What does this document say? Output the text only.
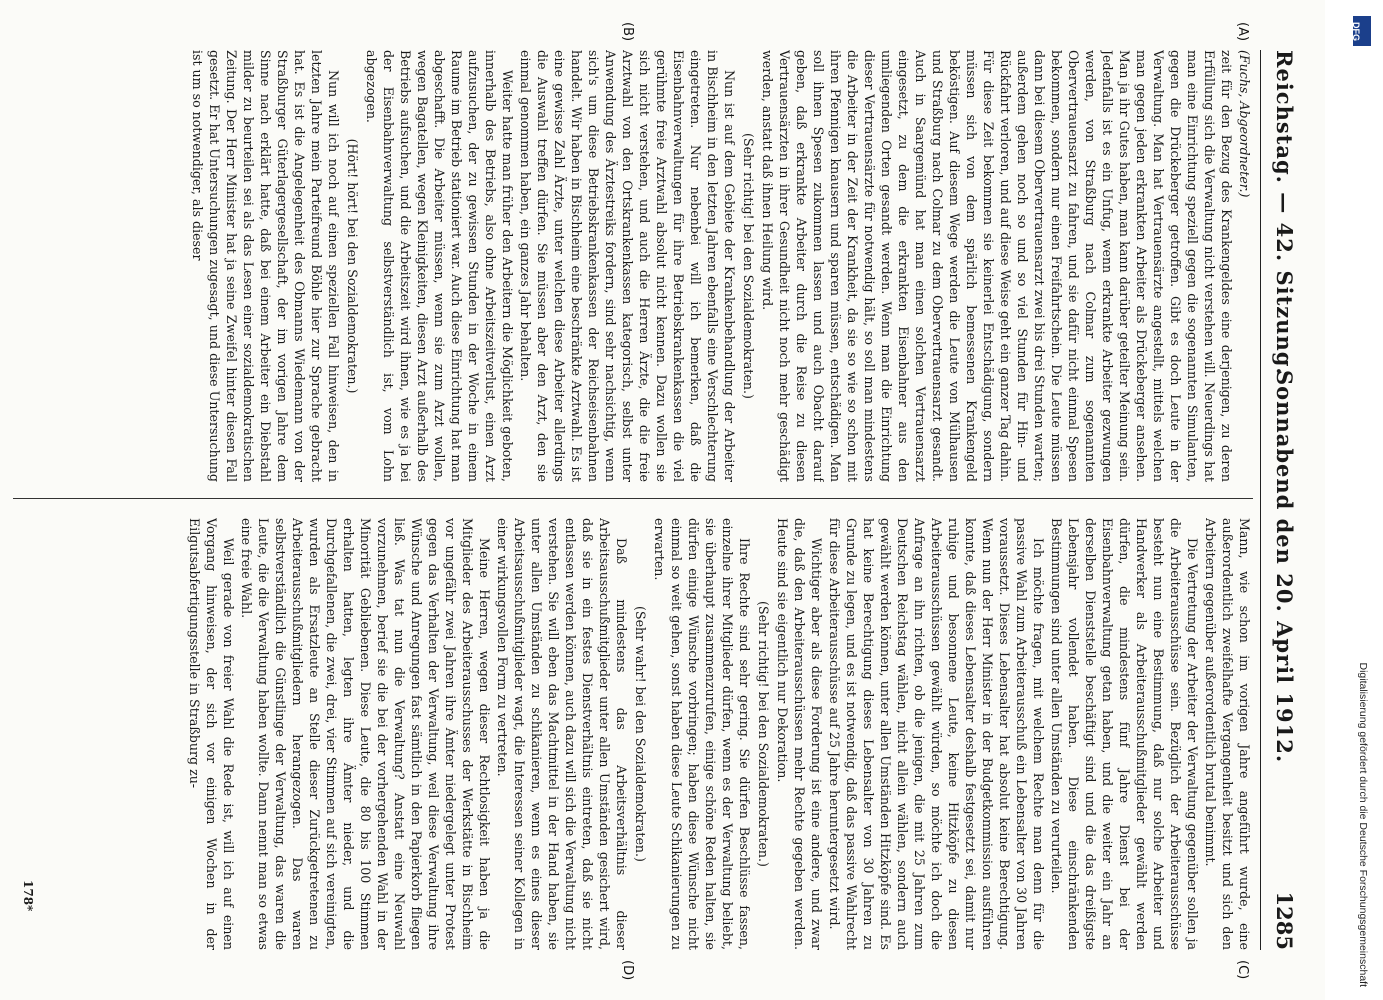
Reichstag. — 42. Sitzung.
Sonnabend den 20. April 1912.
1285
(A)
(B)
(C)
(D)

(Fuchs, Abgeordneter.)

zeit für den Bezug des Krankengeldes eine derjenigen, zu deren Erfüllung sich die Verwaltung nicht verstehen will. Neuerdings hat man eine Einrichtung speziell gegen die sogenannten Simulanten, gegen die Drückeberger getroffen. Gibt es doch Leute in der Verwaltung. Man hat Vertrauensärzte angestellt, mittels welchen man gegen jeden erkrankten Arbeiter als Drückeberger ansehen. Man ja ihr Gutes haben, man kann darüber geteilter Meinung sein. Jedenfalls ist es ein Unfug, wenn erkrankte Arbeiter gezwungen werden, von Straßburg nach Colmar zum sogenannten Obervertrauensarzt zu fahren, und sie dafür nicht einmal Spesen bekommen, sondern nur einen Freifahrtschein. Die Leute müssen dann bei diesem Obervertrauensarzt zwei bis drei Stunden warten; außerdem gehen noch so und so viel Stunden für Hin- und Rückfahrt verloren, und auf diese Weise geht ein ganzer Tag dahin. Für diese Zeit bekommen sie keinerlei Entschädigung, sondern müssen sich von dem spärlich bemessenen Krankengeld beköstigen. Auf diesem Wege werden die Leute von Mülhausen und Straßburg nach Colmar zu dem Obervertrauensarzt gesandt. Auch in Saargemünd hat man einen solchen Vertrauensarzt eingesetzt, zu dem die erkrankten Eisenbahner aus den umliegenden Orten gesandt werden. Wenn man die Einrichtung dieser Vertrauensärzte für notwendig hält, so soll man mindestens die Arbeiter in der Zeit der Krankheit, da sie so wie so schon mit ihren Pfennigen knausern und sparen müssen, entschädigen. Man soll ihnen Spesen zukommen lassen und auch Obacht darauf geben, daß erkrankte Arbeiter durch die Reise zu diesen Vertrauensärzten in ihrer Gesundheit nicht noch mehr geschädigt werden, anstatt daß ihnen Heilung wird.

(Sehr richtig! bei den Sozialdemokraten.)

Nun ist auf dem Gebiete der Krankenbehandlung der Arbeiter in Bischheim in den letzten Jahren ebenfalls eine Verschlechterung eingetreten. Nur nebenbei will ich bemerken, daß die Eisenbahnverwaltungen für ihre Betriebskrankenkassen die viel gerühmte freie Arztwahl absolut nicht kennen. Dazu wollen sie sich nicht verstehen, und auch die Herren Ärzte, die die freie Arztwahl von den Ortskrankenkassen kategorisch, selbst unter Anwendung des Ärztestreiks fordern, sind sehr nachsichtig, wenn sich's um diese Betriebskrankenkassen der Reichseisenbahnen handelt. Wir haben in Bischheim eine beschränkte Arztwahl. Es ist eine gewisse Zahl Ärzte, unter welchen diese Arbeiter allerdings die Auswahl treffen dürfen. Sie müssen aber den Arzt, den sie einmal genommen haben, ein ganzes Jahr behalten.

Weiter hatte man früher den Arbeitern die Möglichkeit geboten, innerhalb des Betriebs, also ohne Arbeitszeitverlust, einen Arzt aufzusuchen, der zu gewissen Stunden in der Woche in einem Raume im Betrieb stationiert war. Auch diese Einrichtung hat man abgeschafft. Die Arbeiter müssen, wenn sie zum Arzt wollen, wegen Bagatellen, wegen Kleinigkeiten, diesen Arzt außerhalb des Betriebs aufsuchen, und die Arbeitszeit wird ihnen, wie es ja bei der Eisenbahnverwaltung selbstverständlich ist, vom Lohn abgezogen.

(Hört! hört! bei den Sozialdemokraten.)

Nun will ich noch auf einen speziellen Fall hinweisen, den in letzten Jahre mein Parteifreund Böhle hier zur Sprache gebracht hat. Es ist die Angelegenheit des Obmanns Wiedemann von der Straßburger Güterlagergesellschaft, der im vorigen Jahre dem Sinne nach erklärt hatte, daß bei einem Arbeiter ein Diebstahl milder zu beurteilen sei als das Lesen einer sozialdemokratischen Zeitung. Der Herr Minister hat ja seine Zweifel hinter diesen Fall gesetzt. Er hat Untersuchungen zugesagt, und diese Untersuchung ist um so notwendiger, als dieser

Mann, wie schon im vorigen Jahre angeführt wurde, eine außerordentlich zweifelhafte Vergangenheit besitzt und sich den Arbeitern gegenüber außerordentlich brutal benimmt.

Die Vertretung der Arbeiter der Verwaltung gegenüber sollen ja die Arbeiterausschüsse sein. Bezüglich der Arbeiterausschüsse besteht nun eine Bestimmung, daß nur solche Arbeiter und Handwerker als Arbeiterausschußmitglieder gewählt werden dürfen, die mindestens fünf Jahre Dienst bei der Eisenbahnverwaltung getan haben, und die weiter ein Jahr an derselben Dienststelle beschäftigt sind und die das dreißigste Lebensjahr vollendet haben. Diese einschränkenden Bestimmungen sind unter allen Umständen zu verurteilen.

Ich möchte fragen, mit welchem Rechte man denn für die passive Wahl zum Arbeiterausschuß ein Lebensalter von 30 Jahren voraussetzt. Dieses Lebensalter hat absolut keine Berechtigung. Wenn nun der Herr Minister in der Budgetkommission ausführen konnte, daß dieses Lebensalter deshalb festgesetzt sei, damit nur ruhige und besonnene Leute, keine Hitzköpfe zu diesen Arbeiterausschüssen gewählt würden, so möchte ich doch die Anfrage an ihn richten, ob die jenigen, die mit 25 Jahren zum Deutschen Reichstag wählen, nicht allein wählen, sondern auch gewählt werden können, unter allen Umständen Hitzköpfe sind. Es hat keine Berechtigung dieses Lebensalter von 30 Jahren zu Grunde zu legen, und es ist notwendig, daß das passive Wahlrecht für diese Arbeiterausschüsse auf 25 Jahre heruntergesetzt wird.

Wichtiger aber als diese Forderung ist eine andere, und zwar die, daß den Arbeiterausschüssen mehr Rechte gegeben werden. Heute sind sie eigentlich nur Dekoration.

(Sehr richtig! bei den Sozialdemokraten.)

Ihre Rechte sind sehr gering. Sie dürfen Beschlüsse fassen, einzelne ihrer Mitglieder dürfen, wenn es der Verwaltung beliebt, sie überhaupt zusammenzurufen, einige schöne Reden halten, sie dürfen einige Wünsche vorbringen; haben diese Wünsche nicht einmal so weit gehen, sonst haben diese Leute Schikanierungen zu erwarten.

(Sehr wahr! bei den Sozialdemokraten.)

Daß mindestens das Arbeitsverhältnis dieser Arbeitsausschußmitglieder unter allen Umständen gesichert wird, daß sie in ein festes Dienstverhältnis eintreten, daß sie nicht entlassen werden können, auch dazu will sich die Verwaltung nicht verstehen. Sie will eben das Machtmittel in der Hand haben, sie unter allen Umständen zu schikanieren, wenn es eines dieser Arbeitsausschußmitglieder wagt, die Interessen seiner Kollegen in einer wirkungsvollen Form zu vertreten.

Meine Herren, wegen dieser Rechtlosigkeit haben ja die Mitglieder des Arbeiterausschusses der Werkstätte in Bischheim vor ungefähr zwei Jahren ihre Ämter niedergelegt unter Protest gegen das Verhalten der Verwaltung, weil diese Verwaltung ihre Wünsche und Anregungen fast sämtlich in den Papierkorb fliegen ließ. Was tat nun die Verwaltung? Anstatt eine Neuwahl vorzunehmen, berief sie die bei der vorhergehenden Wahl in der Minorität Gebliebenen. Diese Leute, die 80 bis 100 Stimmen erhalten hatten, legten ihre Ämter nieder, und die Durchgefallenen, die zwei, drei, vier Stimmen auf sich vereinigten, wurden als Ersatzleute an Stelle dieser Zurückgetretenen zu Arbeiterausschußmitgliedern herangezogen. Das waren selbstverständlich die Günstlinge der Verwaltung, das waren die Leute, die die Verwaltung haben wollte. Dann nennt man so etwas eine freie Wahl.

Weil gerade von freier Wahl die Rede ist, will ich auf einen Vorgang hinweisen, der sich vor einigen Wochen in der Eilgutsabfertigungsstelle in Straßburg zu-

178*
DFG
Digitalisierung gefördert durch die Deutsche Forschungsgemeinschaft
